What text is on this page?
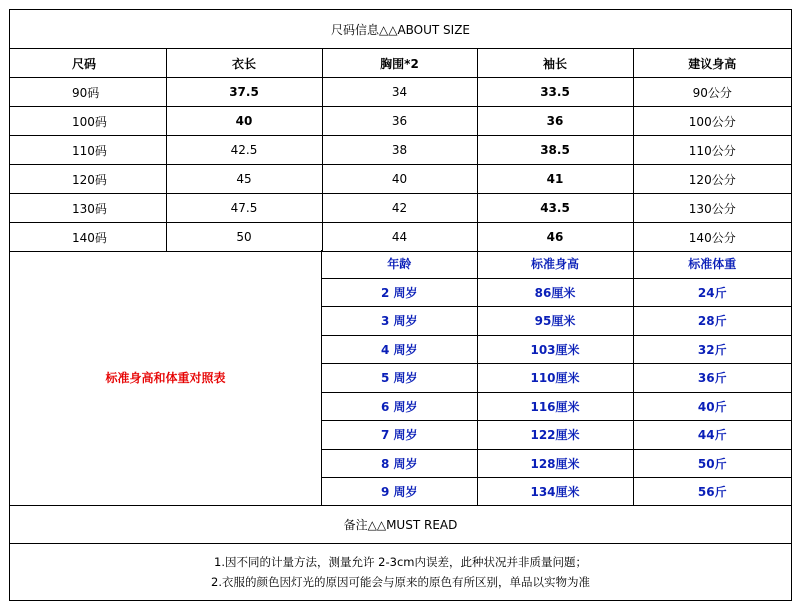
尺码信息△△ABOUT SIZE
尺码	衣长	胸围*2	袖长	建议身高
90码	37.5	34	33.5	90公分
100码	40	36	36	100公分
110码	42.5	38	38.5	110公分
120码	45	40	41	120公分
130码	47.5	42	43.5	130公分
140码	50	44	46	140公分
标准身高和体重对照表
年龄	标准身高	标准体重
2 周岁	86厘米	24斤
3 周岁	95厘米	28斤
4 周岁	103厘米	32斤
5 周岁	110厘米	36斤
6 周岁	116厘米	40斤
7 周岁	122厘米	44斤
8 周岁	128厘米	50斤
9 周岁	134厘米	56斤
备注△△MUST READ
1.因不同的计量方法，测量允许 2-3cm内误差，此种状况并非质量问题；
2.衣服的颜色因灯光的原因可能会与原来的原色有所区别，单品以实物为准
